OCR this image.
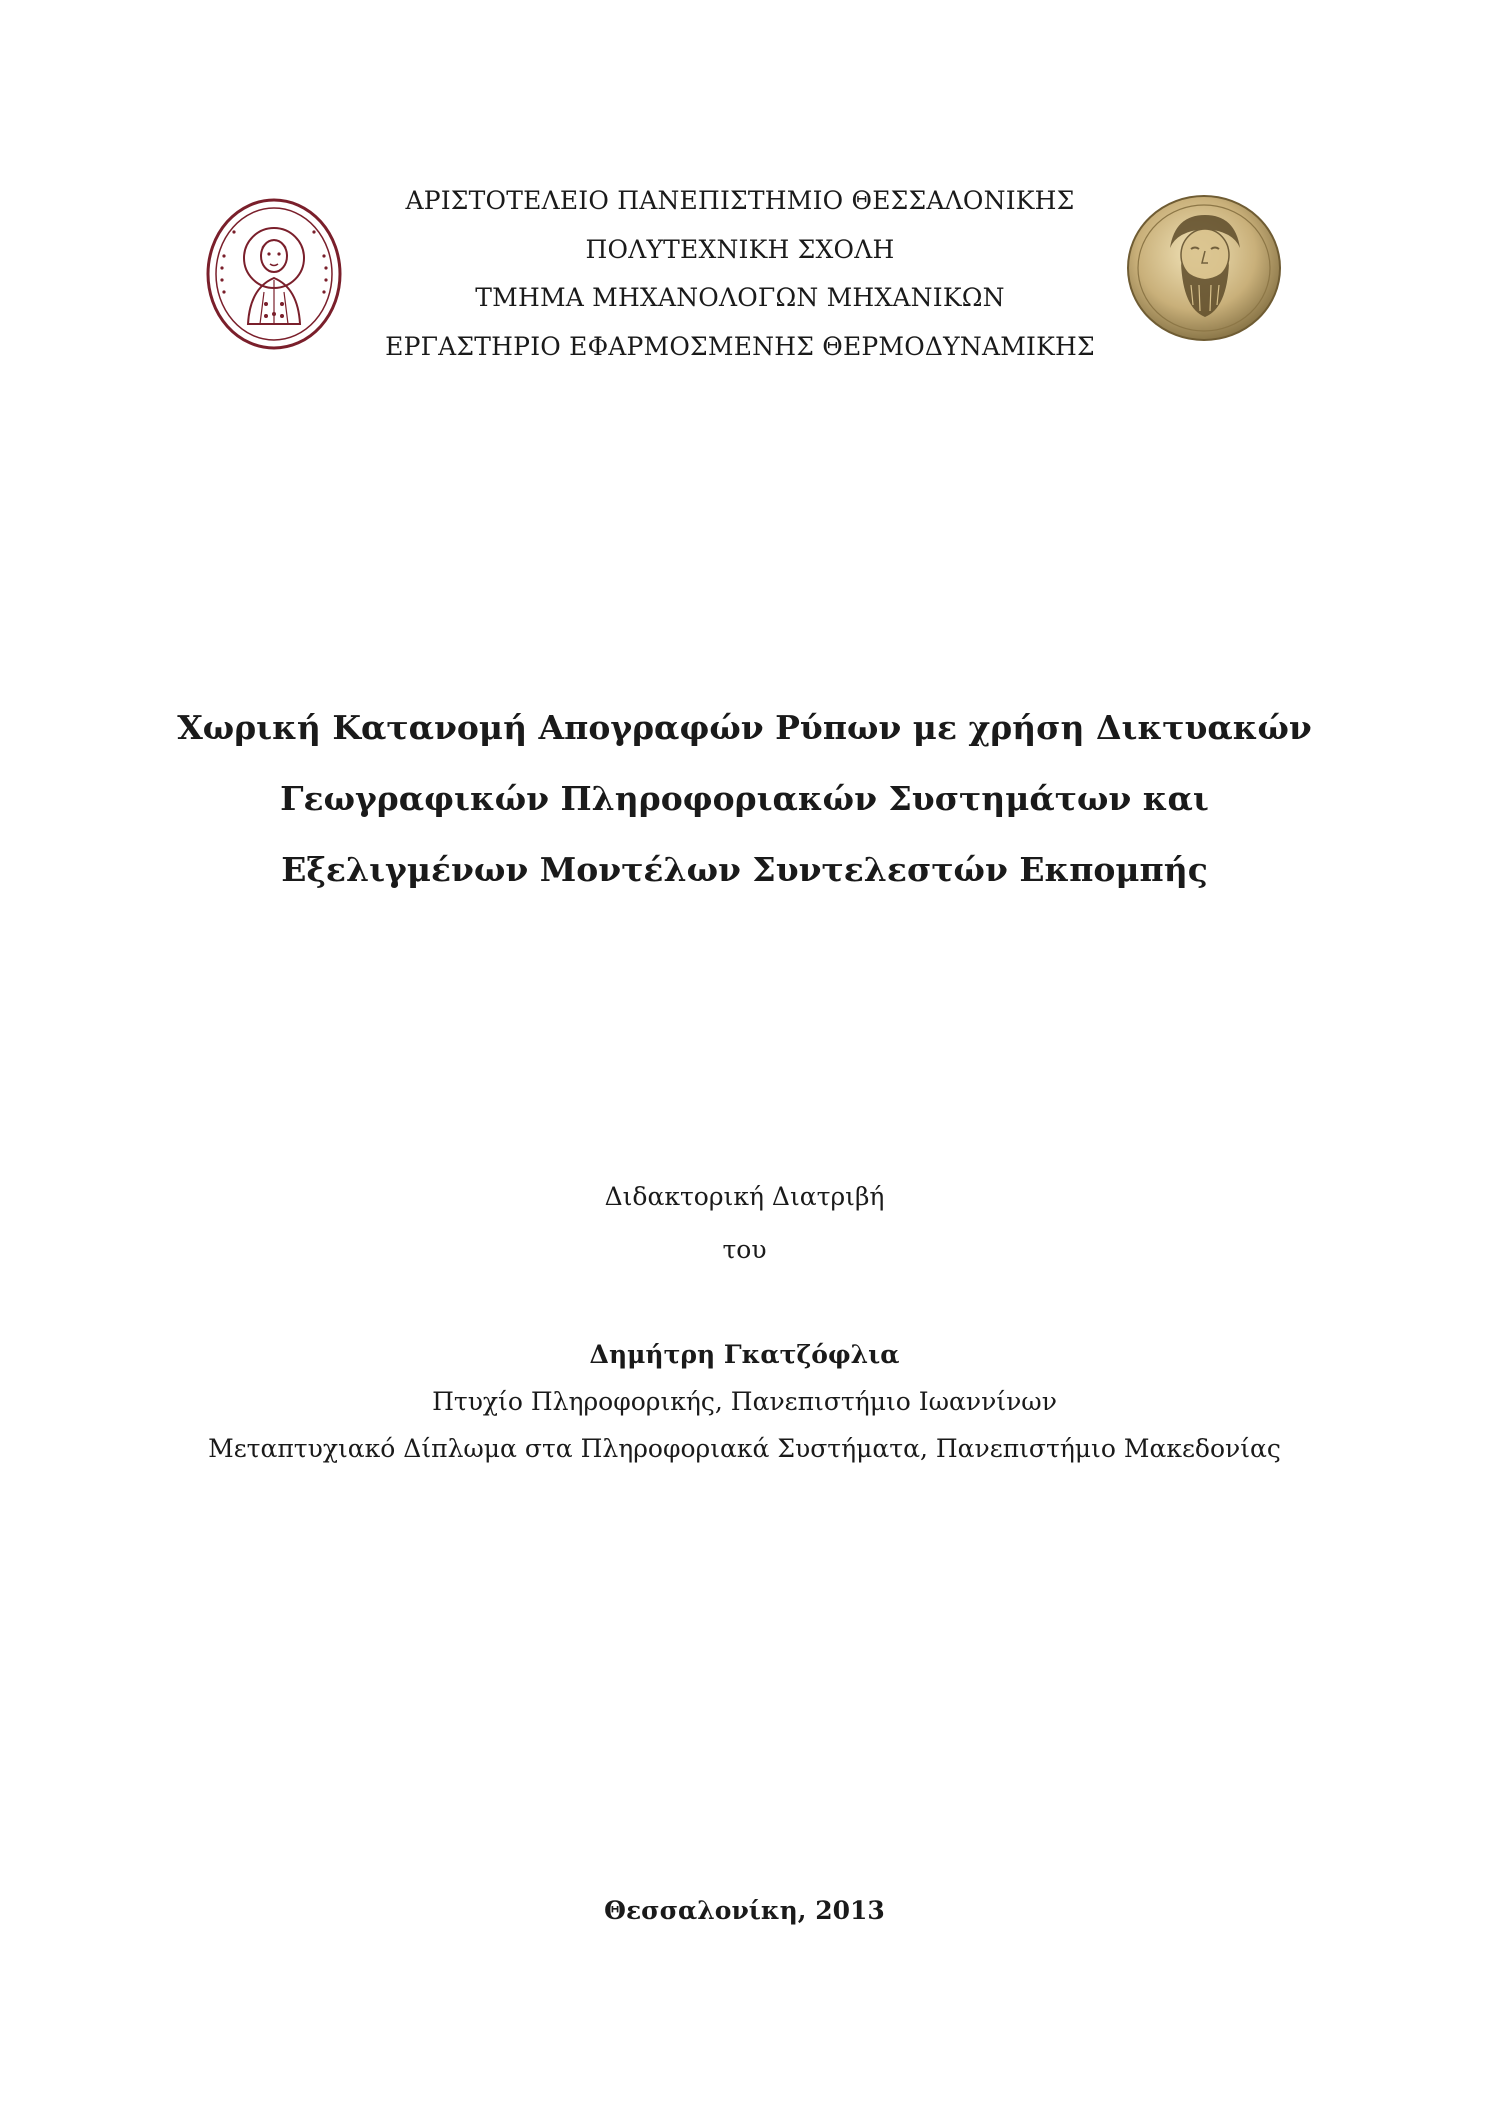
ΑΡΙΣΤΟΤΕΛΕΙΟ ΠΑΝΕΠΙΣΤΗΜΙΟ ΘΕΣΣΑΛΟΝΙΚΗΣ
ΠΟΛΥΤΕΧΝΙΚΗ ΣΧΟΛΗ
ΤΜΗΜΑ ΜΗΧΑΝΟΛΟΓΩΝ ΜΗΧΑΝΙΚΩΝ
ΕΡΓΑΣΤΗΡΙΟ ΕΦΑΡΜΟΣΜΕΝΗΣ ΘΕΡΜΟΔΥΝΑΜΙΚΗΣ
Χωρική Κατανομή Απογραφών Ρύπων με χρήση Δικτυακών
Γεωγραφικών Πληροφοριακών Συστημάτων και
Εξελιγμένων Μοντέλων Συντελεστών Εκπομπής
Διδακτορική Διατριβή
του
Δημήτρη Γκατζόφλια
Πτυχίο Πληροφορικής, Πανεπιστήμιο Ιωαννίνων
Μεταπτυχιακό Δίπλωμα στα Πληροφοριακά Συστήματα, Πανεπιστήμιο Μακεδονίας
Θεσσαλονίκη, 2013
